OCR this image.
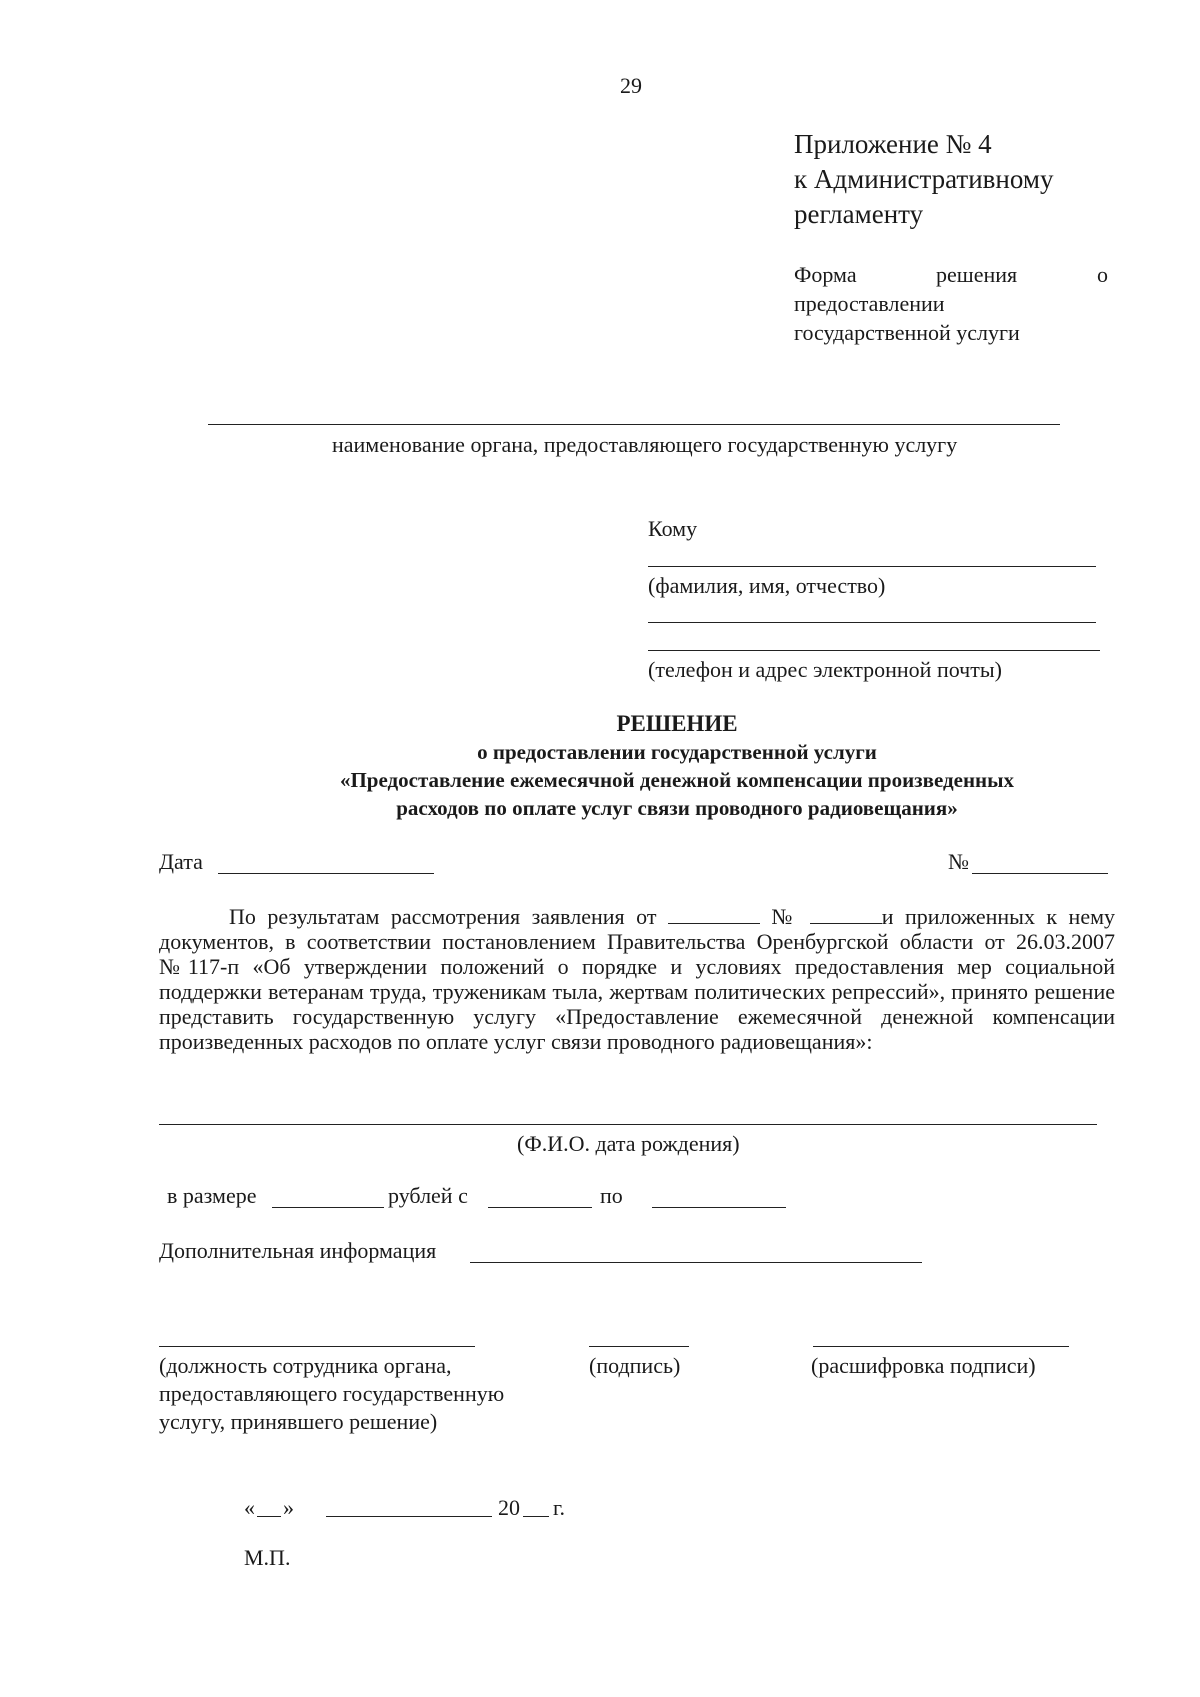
29
Приложение № 4
к Административному
регламенту
Форма	решения	о
предоставлении
государственной услуги
наименование органа, предоставляющего государственную услугу
Кому
(фамилия, имя, отчество)
(телефон и адрес электронной почты)
РЕШЕНИЕ
о предоставлении государственной услуги
«Предоставление ежемесячной денежной компенсации произведенных
расходов по оплате услуг связи проводного радиовещания»
Дата	№
По результатам рассмотрения заявления от	№	и приложенных к нему документов, в соответствии постановлением Правительства Оренбургской области от 26.03.2007 №117-п «Об утверждении положений о порядке и условиях предоставления мер социальной поддержки ветеранам труда, труженикам тыла, жертвам политических репрессий», принято решение представить государственную услугу «Предоставление ежемесячной денежной компенсации произведенных расходов по оплате услуг связи проводного радиовещания»:
(Ф.И.О. дата рождения)
в размере	рублей с	по
Дополнительная информация
(должность сотрудника органа,
предоставляющего государственную
услугу, принявшего решение)
(подпись)	(расшифровка подписи)
« »	20 г.
М.П.
